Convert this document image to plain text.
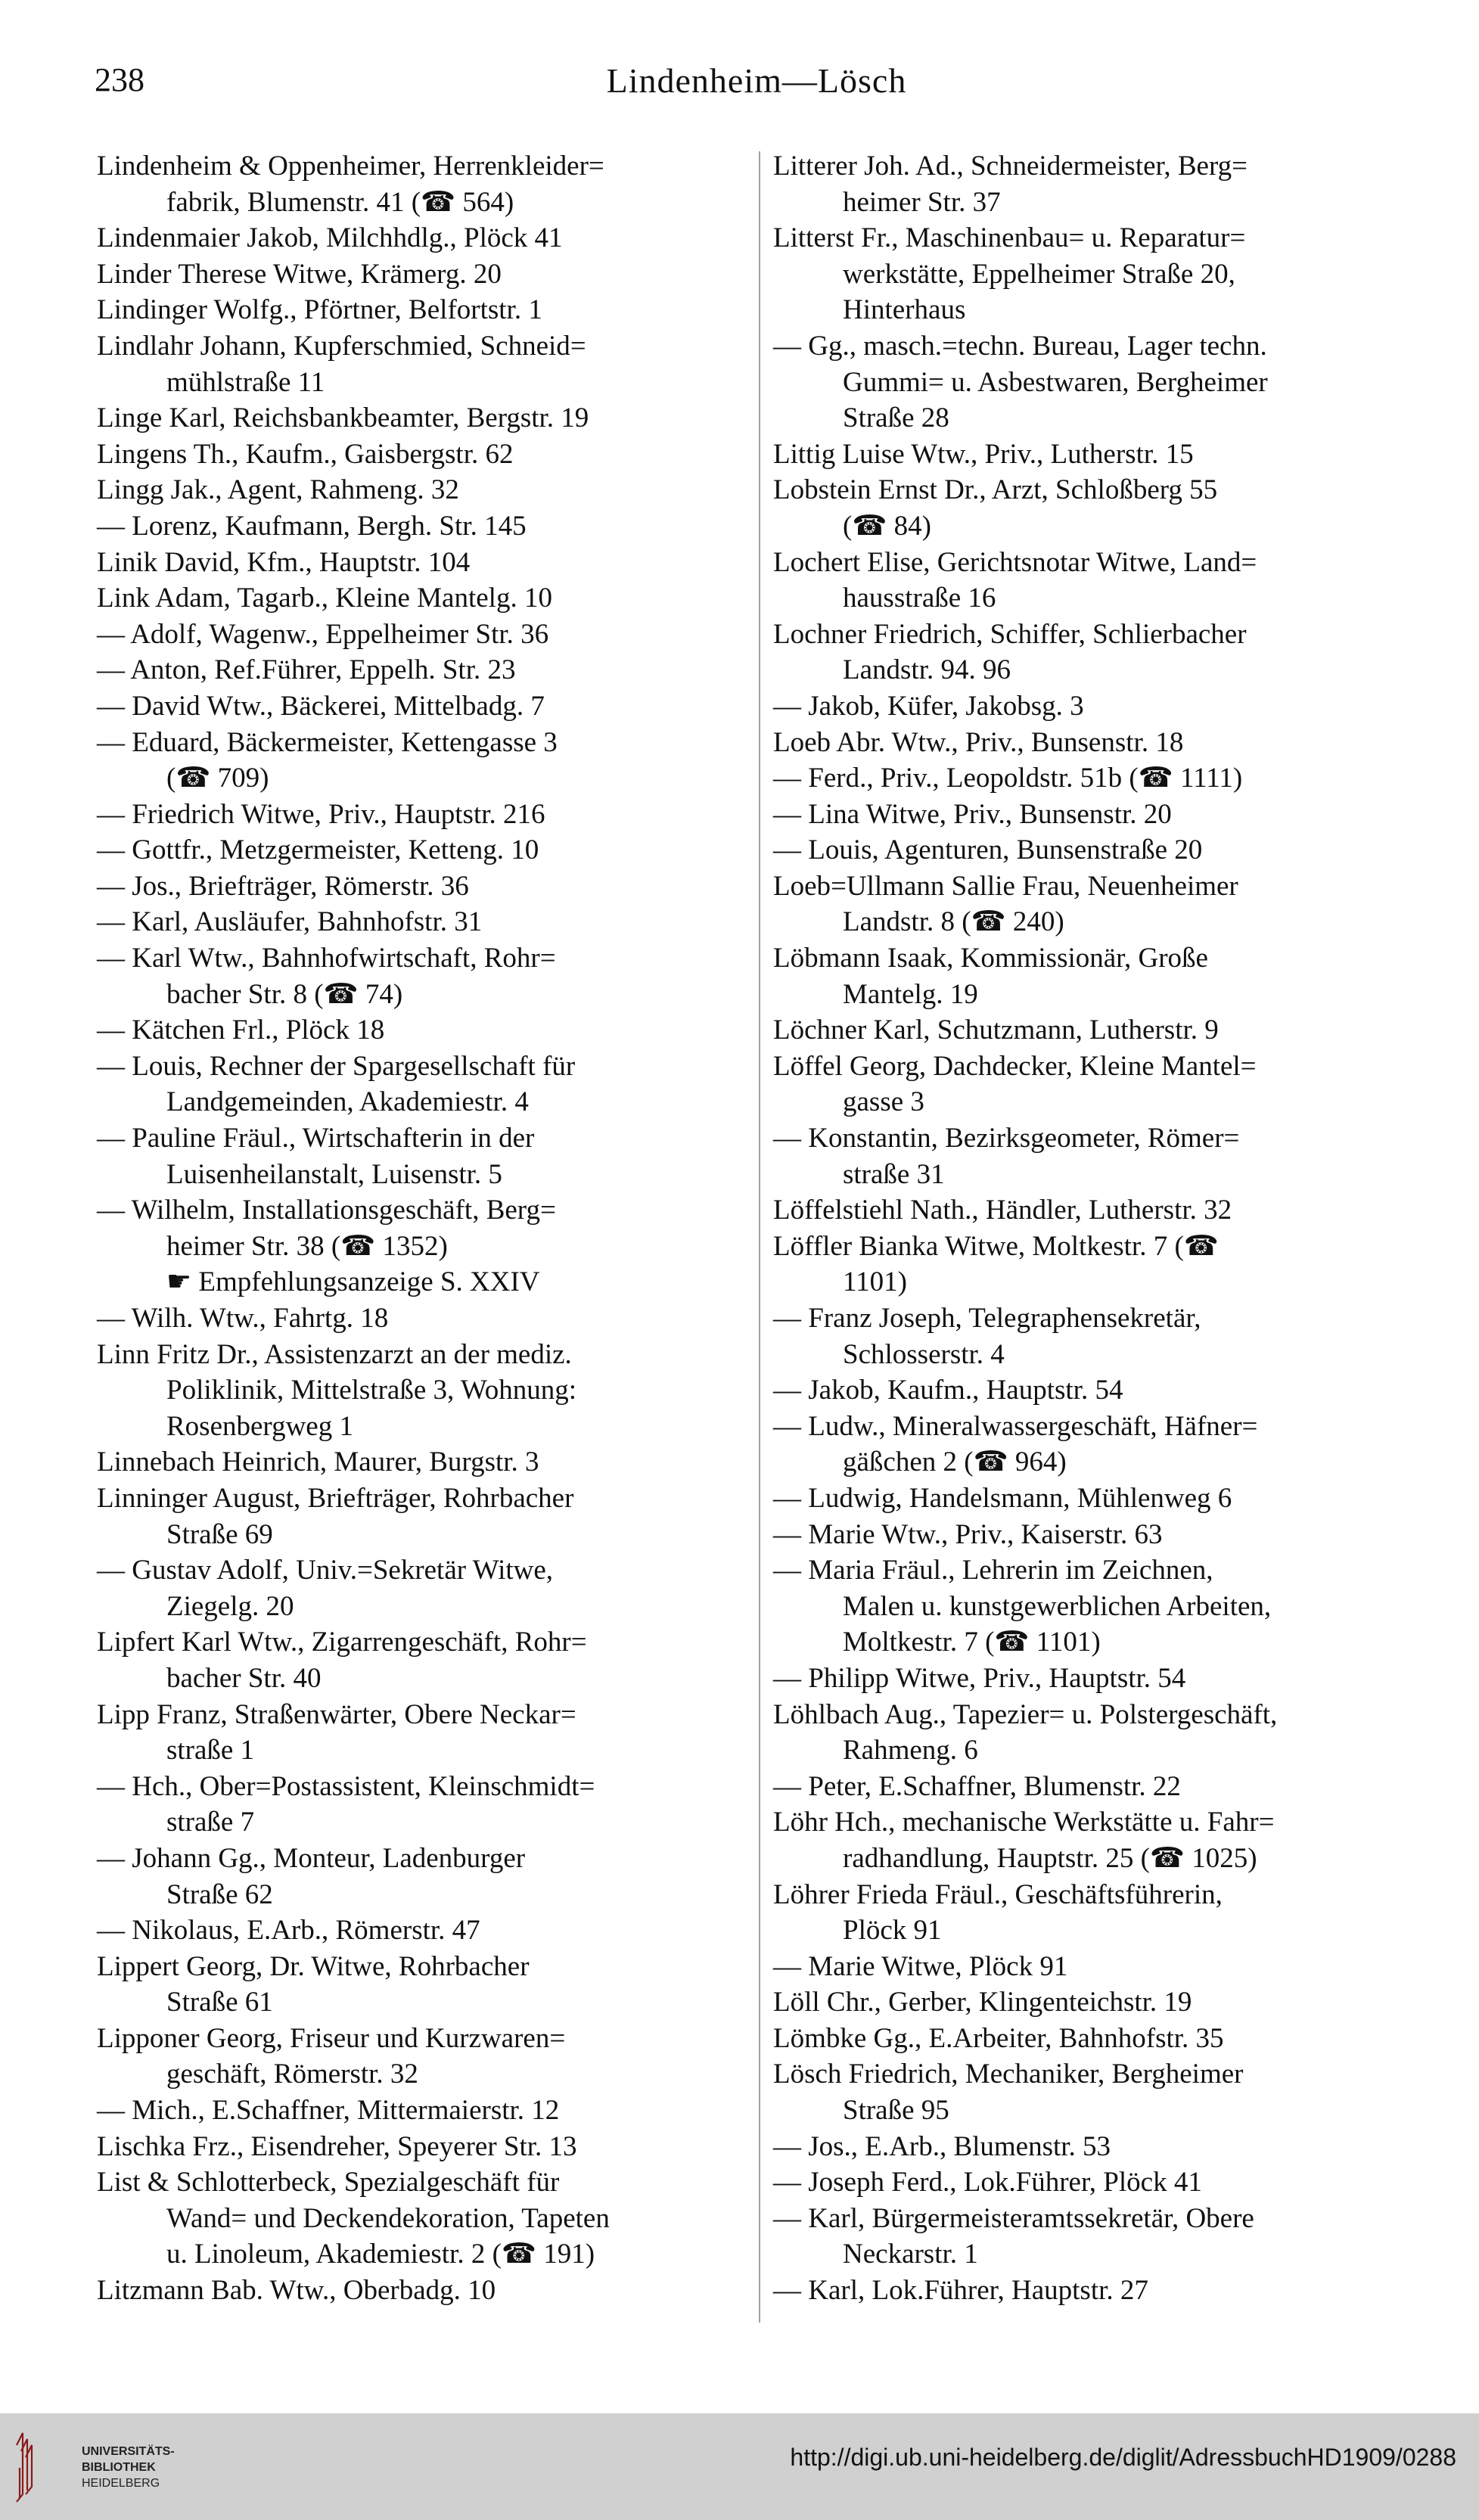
238	Lindenheim—Lösch
Lindenheim & Oppenheimer, Herrenkleider=
fabrik, Blumenstr. 41 (☎ 564)
Lindenmaier Jakob, Milchhdlg., Plöck 41
Linder Therese Witwe, Krämerg. 20
Lindinger Wolfg., Pförtner, Belfortstr. 1
Lindlahr Johann, Kupferschmied, Schneid=
mühlstraße 11
Linge Karl, Reichsbankbeamter, Bergstr. 19
Lingens Th., Kaufm., Gaisbergstr. 62
Lingg Jak., Agent, Rahmeng. 32
— Lorenz, Kaufmann, Bergh. Str. 145
Linik David, Kfm., Hauptstr. 104
Link Adam, Tagarb., Kleine Mantelg. 10
— Adolf, Wagenw., Eppelheimer Str. 36
— Anton, Ref.Führer, Eppelh. Str. 23
— David Wtw., Bäckerei, Mittelbadg. 7
— Eduard, Bäckermeister, Kettengasse 3
(☎ 709)
— Friedrich Witwe, Priv., Hauptstr. 216
— Gottfr., Metzgermeister, Ketteng. 10
— Jos., Briefträger, Römerstr. 36
— Karl, Ausläufer, Bahnhofstr. 31
— Karl Wtw., Bahnhofwirtschaft, Rohr=
bacher Str. 8 (☎ 74)
— Kätchen Frl., Plöck 18
— Louis, Rechner der Spargesellschaft für
Landgemeinden, Akademiestr. 4
— Pauline Fräul., Wirtschafterin in der
Luisenheilanstalt, Luisenstr. 5
— Wilhelm, Installationsgeschäft, Berg=
heimer Str. 38 (☎ 1352)
☛ Empfehlungsanzeige S. XXIV
— Wilh. Wtw., Fahrtg. 18
Linn Fritz Dr., Assistenzarzt an der mediz.
Poliklinik, Mittelstraße 3, Wohnung:
Rosenbergweg 1
Linnebach Heinrich, Maurer, Burgstr. 3
Linninger August, Briefträger, Rohrbacher
Straße 69
— Gustav Adolf, Univ.=Sekretär Witwe,
Ziegelg. 20
Lipfert Karl Wtw., Zigarrengeschäft, Rohr=
bacher Str. 40
Lipp Franz, Straßenwärter, Obere Neckar=
straße 1
— Hch., Ober=Postassistent, Kleinschmidt=
straße 7
— Johann Gg., Monteur, Ladenburger
Straße 62
— Nikolaus, E.Arb., Römerstr. 47
Lippert Georg, Dr. Witwe, Rohrbacher
Straße 61
Lipponer Georg, Friseur und Kurzwaren=
geschäft, Römerstr. 32
— Mich., E.Schaffner, Mittermaierstr. 12
Lischka Frz., Eisendreher, Speyerer Str. 13
List & Schlotterbeck, Spezialgeschäft für
Wand= und Deckendekoration, Tapeten
u. Linoleum, Akademiestr. 2 (☎ 191)
Litzmann Bab. Wtw., Oberbadg. 10
Litterer Joh. Ad., Schneidermeister, Berg=
heimer Str. 37
Litterst Fr., Maschinenbau= u. Reparatur=
werkstätte, Eppelheimer Straße 20,
Hinterhaus
— Gg., masch.=techn. Bureau, Lager techn.
Gummi= u. Asbestwaren, Bergheimer
Straße 28
Littig Luise Wtw., Priv., Lutherstr. 15
Lobstein Ernst Dr., Arzt, Schloßberg 55
(☎ 84)
Lochert Elise, Gerichtsnotar Witwe, Land=
hausstraße 16
Lochner Friedrich, Schiffer, Schlierbacher
Landstr. 94. 96
— Jakob, Küfer, Jakobsg. 3
Loeb Abr. Wtw., Priv., Bunsenstr. 18
— Ferd., Priv., Leopoldstr. 51b (☎ 1111)
— Lina Witwe, Priv., Bunsenstr. 20
— Louis, Agenturen, Bunsenstraße 20
Loeb=Ullmann Sallie Frau, Neuenheimer
Landstr. 8 (☎ 240)
Löbmann Isaak, Kommissionär, Große
Mantelg. 19
Löchner Karl, Schutzmann, Lutherstr. 9
Löffel Georg, Dachdecker, Kleine Mantel=
gasse 3
— Konstantin, Bezirksgeometer, Römer=
straße 31
Löffelstiehl Nath., Händler, Lutherstr. 32
Löffler Bianka Witwe, Moltkestr. 7 (☎
1101)
— Franz Joseph, Telegraphensekretär,
Schlosserstr. 4
— Jakob, Kaufm., Hauptstr. 54
— Ludw., Mineralwassergeschäft, Häfner=
gäßchen 2 (☎ 964)
— Ludwig, Handelsmann, Mühlenweg 6
— Marie Wtw., Priv., Kaiserstr. 63
— Maria Fräul., Lehrerin im Zeichnen,
Malen u. kunstgewerblichen Arbeiten,
Moltkestr. 7 (☎ 1101)
— Philipp Witwe, Priv., Hauptstr. 54
Löhlbach Aug., Tapezier= u. Polstergeschäft,
Rahmeng. 6
— Peter, E.Schaffner, Blumenstr. 22
Löhr Hch., mechanische Werkstätte u. Fahr=
radhandlung, Hauptstr. 25 (☎ 1025)
Löhrer Frieda Fräul., Geschäftsführerin,
Plöck 91
— Marie Witwe, Plöck 91
Löll Chr., Gerber, Klingenteichstr. 19
Lömbke Gg., E.Arbeiter, Bahnhofstr. 35
Lösch Friedrich, Mechaniker, Bergheimer
Straße 95
— Jos., E.Arb., Blumenstr. 53
— Joseph Ferd., Lok.Führer, Plöck 41
— Karl, Bürgermeisteramtssekretär, Obere
Neckarstr. 1
— Karl, Lok.Führer, Hauptstr. 27
UNIVERSITÄTS-
BIBLIOTHEK
HEIDELBERG
http://digi.ub.uni-heidelberg.de/diglit/AdressbuchHD1909/0288
